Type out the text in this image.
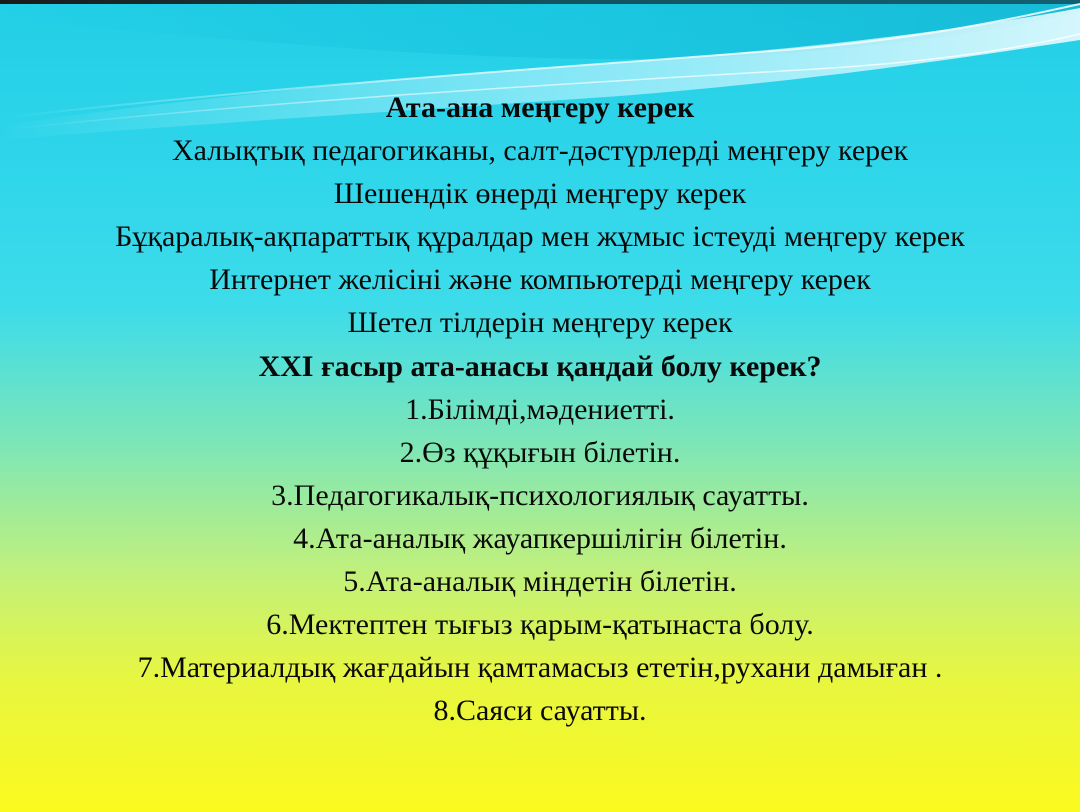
Ата-ана меңгеру керек
Халықтық педагогиканы, салт-дәстүрлерді меңгеру керек
Шешендік өнерді меңгеру керек
Бұқаралық-ақпараттық құралдар мен жұмыс істеуді меңгеру керек
Интернет желісіні және компьютерді меңгеру керек
Шетел тілдерін меңгеру керек
XXI ғасыр ата-анасы қандай болу керек?
1.Білімді,мәдениетті.
2.Өз құқығын білетін.
3.Педагогикалық-психологиялық сауатты.
4.Ата-аналық жауапкершілігін білетін.
5.Ата-аналық міндетін білетін.
6.Мектептен тығыз қарым-қатынаста болу.
7.Материалдық жағдайын қамтамасыз ететін,рухани дамыған .
8.Саяси сауатты.
